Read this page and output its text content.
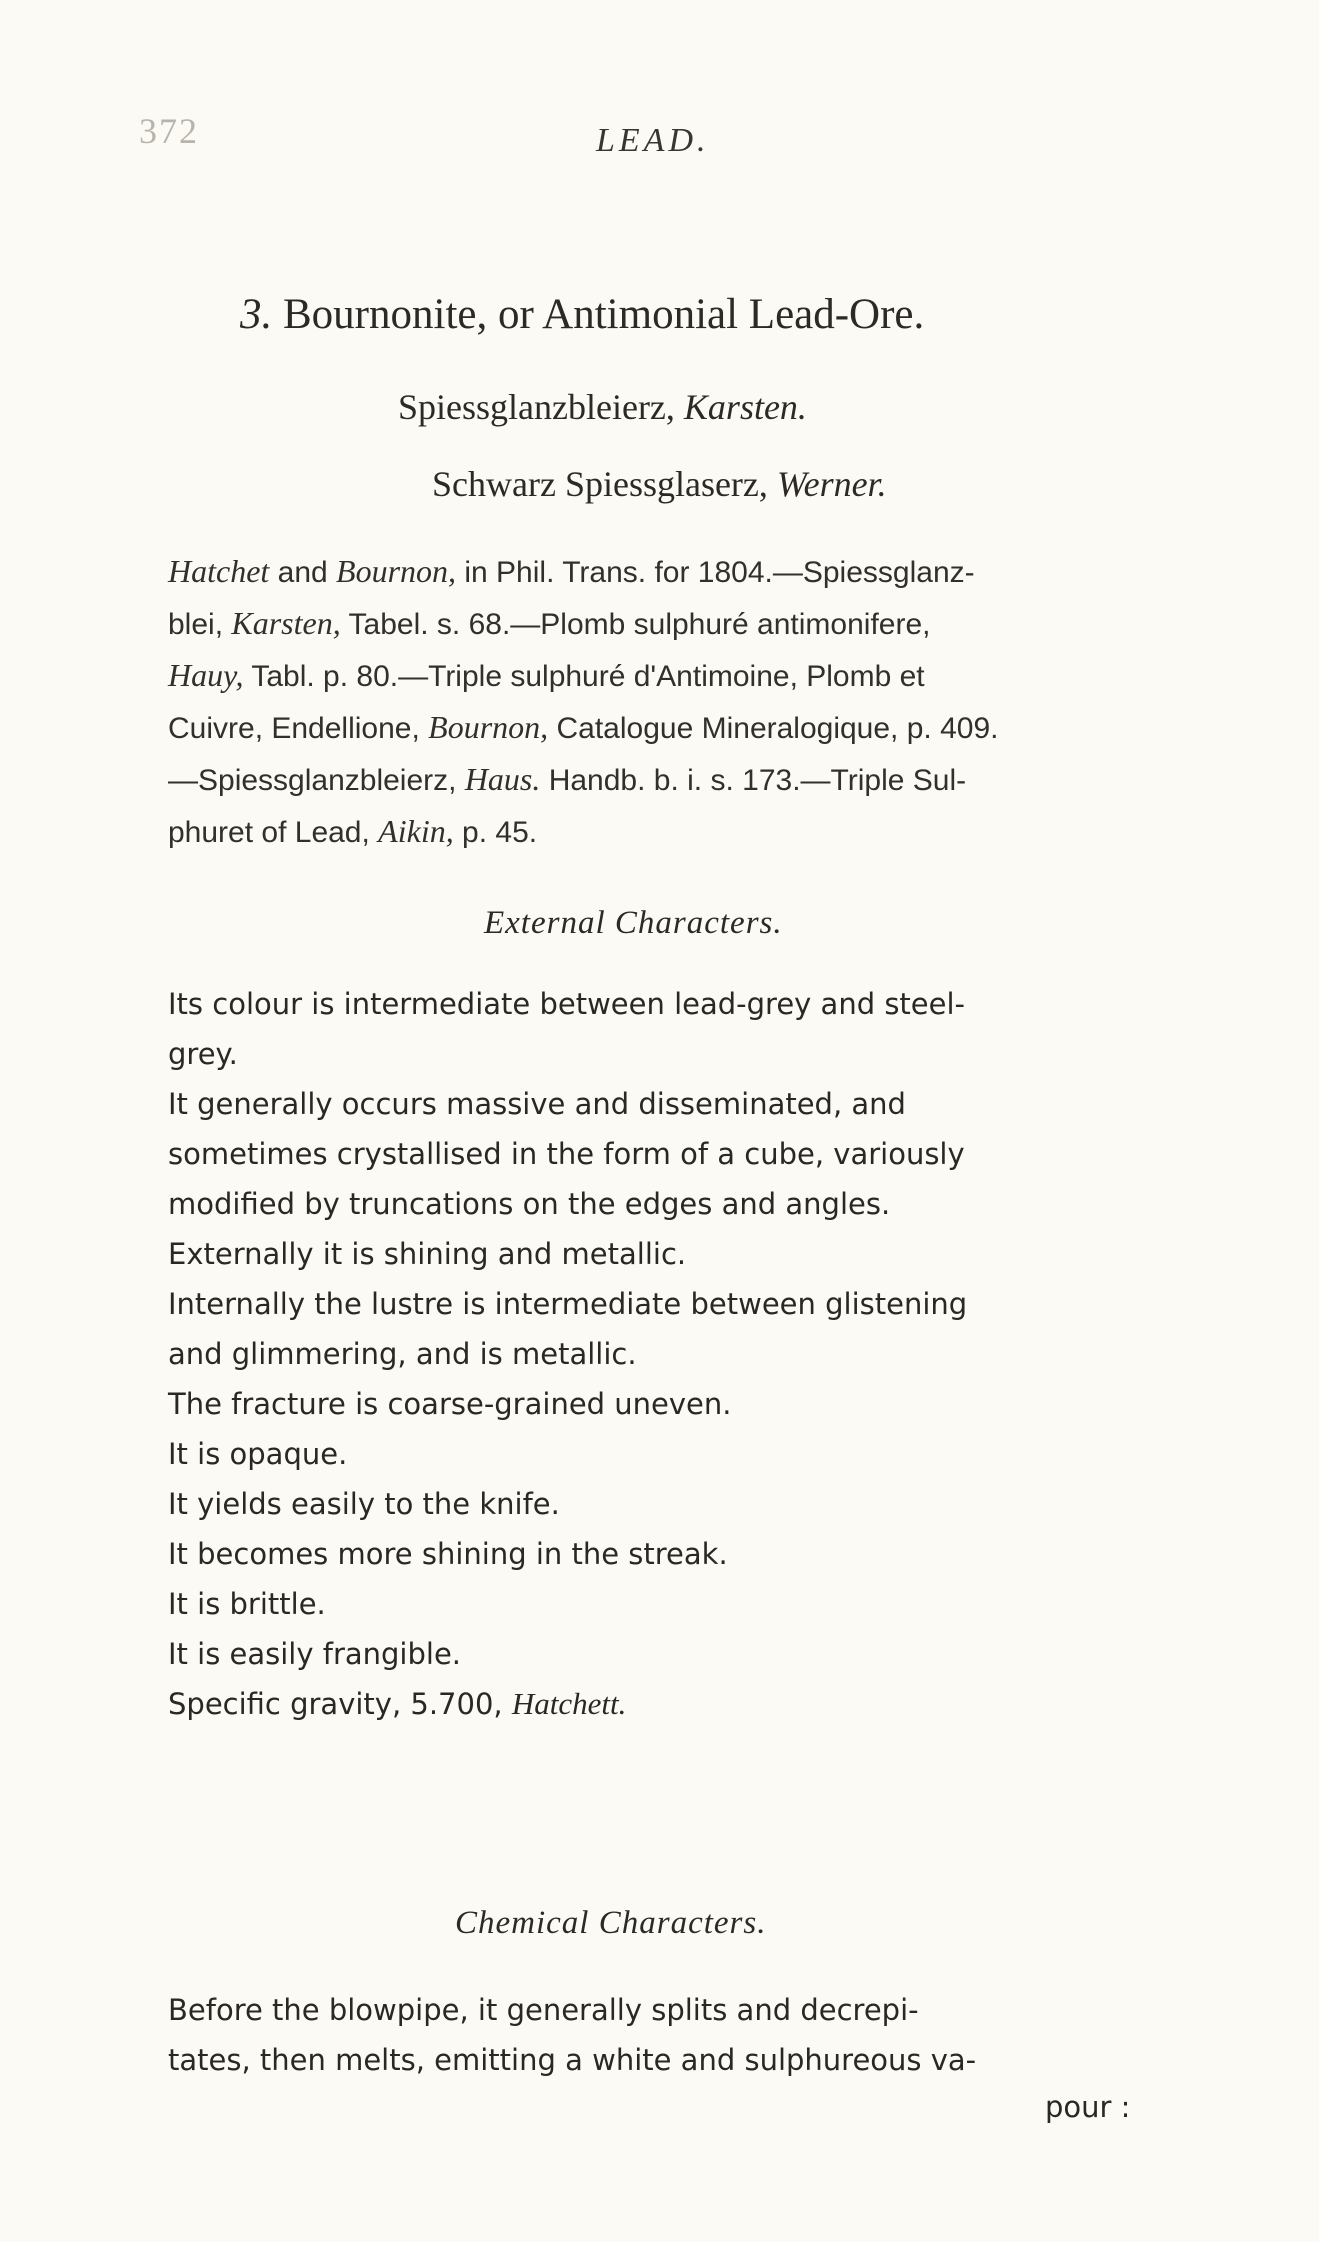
372	LEAD.
3. Bournonite, or Antimonial Lead-Ore.
Spiessglanzbleierz, Karsten.
Schwarz Spiessglaserz, Werner.
Hatchet and Bournon, in Phil. Trans. for 1804.—Spiessglanz-
blei, Karsten, Tabel. s. 68.—Plomb sulphuré antimonifere,
Hauy, Tabl. p. 80.—Triple sulphuré d'Antimoine, Plomb et
Cuivre, Endellione, Bournon, Catalogue Mineralogique, p. 409.
—Spiessglanzbleierz, Haus. Handb. b. i. s. 173.—Triple Sul-
phuret of Lead, Aikin, p. 45.
External Characters.
Its colour is intermediate between lead-grey and steel-
grey.
It generally occurs massive and disseminated, and
sometimes crystallised in the form of a cube, variously
modified by truncations on the edges and angles.
Externally it is shining and metallic.
Internally the lustre is intermediate between glistening
and glimmering, and is metallic.
The fracture is coarse-grained uneven.
It is opaque.
It yields easily to the knife.
It becomes more shining in the streak.
It is brittle.
It is easily frangible.
Specific gravity, 5.700, Hatchett.
Chemical Characters.
Before the blowpipe, it generally splits and decrepi-
tates, then melts, emitting a white and sulphureous va-
pour :
